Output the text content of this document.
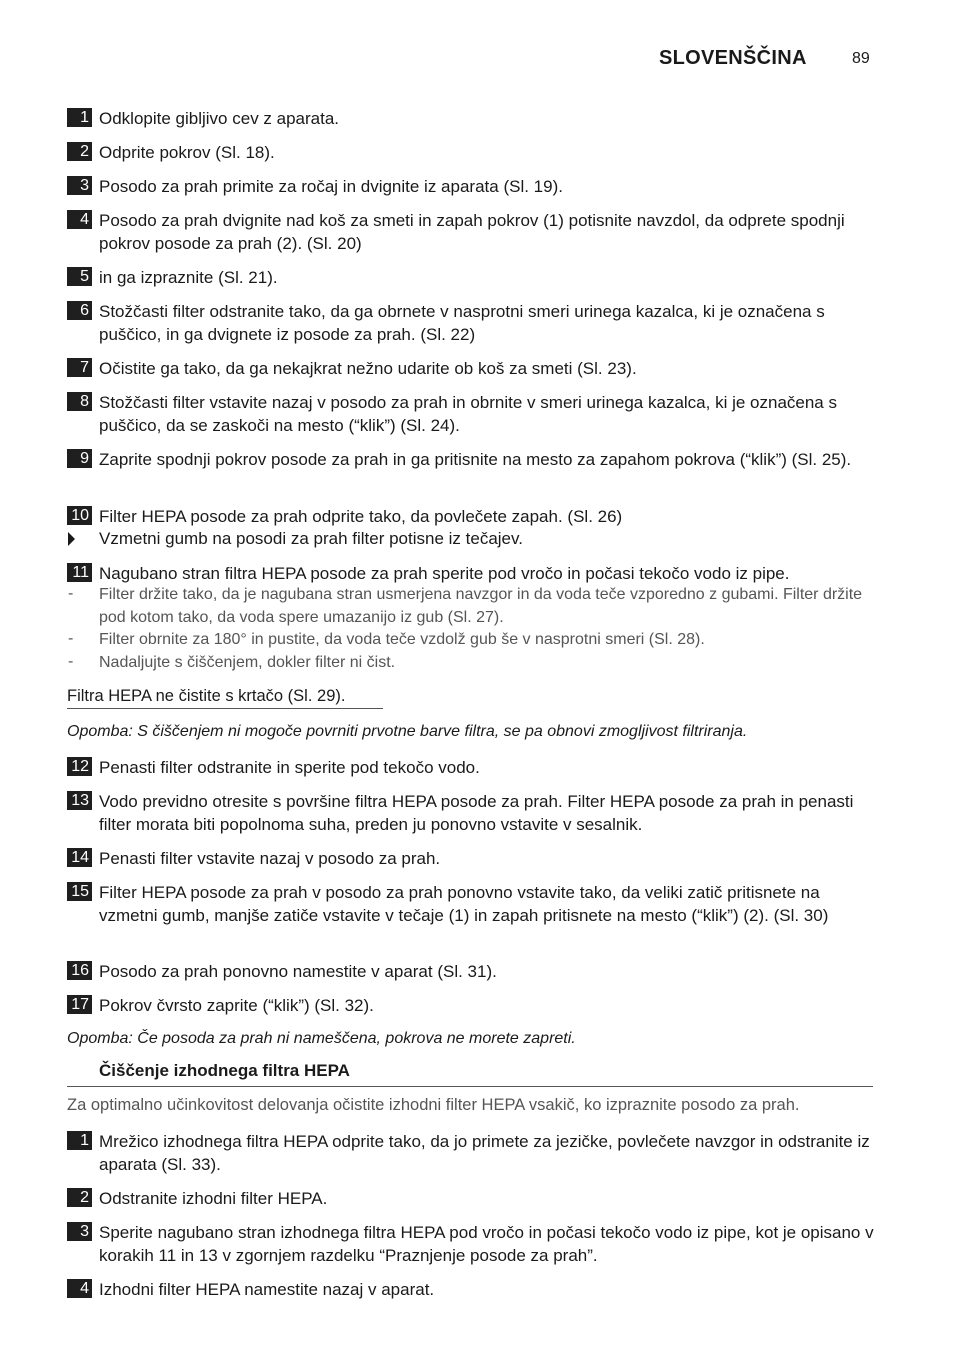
SLOVENŠČINA	89
1 Odklopite gibljivo cev z aparata.
2 Odprite pokrov (Sl. 18).
3 Posodo za prah primite za ročaj in dvignite iz aparata (Sl. 19).
4 Posodo za prah dvignite nad koš za smeti in zapah pokrov (1) potisnite navzdol, da odprete spodnji pokrov posode za prah (2). (Sl. 20)
5 in ga izpraznite (Sl. 21).
6 Stožčasti filter odstranite tako, da ga obrnete v nasprotni smeri urinega kazalca, ki je označena s puščico, in ga dvignete iz posode za prah. (Sl. 22)
7 Očistite ga tako, da ga nekajkrat nežno udarite ob koš za smeti (Sl. 23).
8 Stožčasti filter vstavite nazaj v posodo za prah in obrnite v smeri urinega kazalca, ki je označena s puščico, da se zaskoči na mesto (“klik”) (Sl. 24).
9 Zaprite spodnji pokrov posode za prah in ga pritisnite na mesto za zapahom pokrova (“klik”) (Sl. 25).
10 Filter HEPA posode za prah odprite tako, da povlečete zapah. (Sl. 26)
Vzmetni gumb na posodi za prah filter potisne iz tečajev.
11 Nagubano stran filtra HEPA posode za prah sperite pod vročo in počasi tekočo vodo iz pipe.
- Filter držite tako, da je nagubana stran usmerjena navzgor in da voda teče vzporedno z gubami. Filter držite pod kotom tako, da voda spere umazanijo iz gub (Sl. 27).
- Filter obrnite za 180° in pustite, da voda teče vzdolž gub še v nasprotni smeri (Sl. 28).
- Nadaljujte s čiščenjem, dokler filter ni čist.
Filtra HEPA ne čistite s krtačo (Sl. 29).
Opomba: S čiščenjem ni mogoče povrniti prvotne barve filtra, se pa obnovi zmogljivost filtriranja.
12 Penasti filter odstranite in sperite pod tekočo vodo.
13 Vodo previdno otresite s površine filtra HEPA posode za prah. Filter HEPA posode za prah in penasti filter morata biti popolnoma suha, preden ju ponovno vstavite v sesalnik.
14 Penasti filter vstavite nazaj v posodo za prah.
15 Filter HEPA posode za prah v posodo za prah ponovno vstavite tako, da veliki zatič pritisnete na vzmetni gumb, manjše zatiče vstavite v tečaje (1) in zapah pritisnete na mesto (“klik”) (2). (Sl. 30)
16 Posodo za prah ponovno namestite v aparat (Sl. 31).
17 Pokrov čvrsto zaprite (“klik”) (Sl. 32).
Opomba: Če posoda za prah ni nameščena, pokrova ne morete zapreti.
Čiščenje izhodnega filtra HEPA
Za optimalno učinkovitost delovanja očistite izhodni filter HEPA vsakič, ko izpraznite posodo za prah.
1 Mrežico izhodnega filtra HEPA odprite tako, da jo primete za jezičke, povlečete navzgor in odstranite iz aparata (Sl. 33).
2 Odstranite izhodni filter HEPA.
3 Sperite nagubano stran izhodnega filtra HEPA pod vročo in počasi tekočo vodo iz pipe, kot je opisano v korakih 11 in 13 v zgornjem razdelku “Praznjenje posode za prah”.
4 Izhodni filter HEPA namestite nazaj v aparat.
